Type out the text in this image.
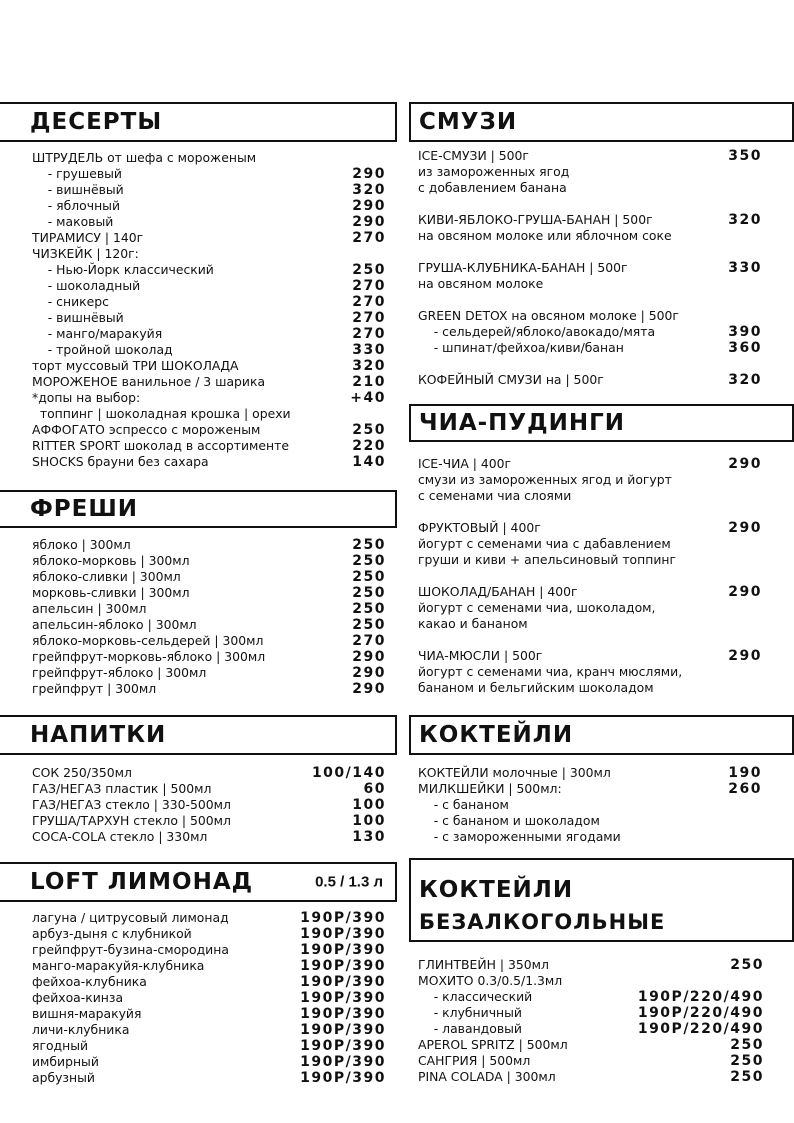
ДЕСЕРТЫ
ШТРУДЕЛЬ от шефа с мороженым
- грушевый	290
- вишнёвый	320
- яблочный	290
- маковый	290
ТИРАМИСУ | 140г	270
ЧИЗКЕЙК | 120г:
- Нью-Йорк классический	250
- шоколадный	270
- сникерс	270
- вишнёвый	270
- манго/маракуйя	270
- тройной шоколад	330
торт муссовый ТРИ ШОКОЛАДА	320
МОРОЖЕНОЕ ванильное / 3 шарика	210
*допы на выбор:	+40
топпинг | шоколадная крошка | орехи
АФФОГАТО эспрессо с мороженым	250
RITTER SPORT шоколад в ассортименте	220
SHOCKS брауни без сахара	140
ФРЕШИ
яблоко | 300мл	250
яблоко-морковь | 300мл	250
яблоко-сливки | 300мл	250
морковь-сливки | 300мл	250
апельсин | 300мл	250
апельсин-яблоко | 300мл	250
яблоко-морковь-сельдерей | 300мл	270
грейпфрут-морковь-яблоко | 300мл	290
грейпфрут-яблоко | 300мл	290
грейпфрут | 300мл	290
НАПИТКИ
СОК 250/350мл	100/140
ГАЗ/НЕГАЗ пластик | 500мл	60
ГАЗ/НЕГАЗ стекло | 330-500мл	100
ГРУША/ТАРХУН стекло | 500мл	100
COCA-COLA стекло | 330мл	130
LOFT ЛИМОНАД	0.5 / 1.3 л
лагуна / цитрусовый лимонад	190P/390
арбуз-дыня с клубникой	190P/390
грейпфрут-бузина-смородина	190P/390
манго-маракуйя-клубника	190P/390
фейхоа-клубника	190P/390
фейхоа-кинза	190P/390
вишня-маракуйя	190P/390
личи-клубника	190P/390
ягодный	190P/390
имбирный	190P/390
арбузный	190P/390
СМУЗИ
ICE-СМУЗИ | 500г	350
из замороженных ягод
с добавлением банана
КИВИ-ЯБЛОКО-ГРУША-БАНАН | 500г	320
на овсяном молоке или яблочном соке
ГРУША-КЛУБНИКА-БАНАН | 500г	330
на овсяном молоке
GREEN DETOX на овсяном молоке | 500г
- сельдерей/яблоко/авокадо/мята	390
- шпинат/фейхоа/киви/банан	360
КОФЕЙНЫЙ СМУЗИ на | 500г	320
ЧИА-ПУДИНГИ
ICE-ЧИА | 400г	290
смузи из замороженных ягод и йогурт
с семенами чиа слоями
ФРУКТОВЫЙ | 400г	290
йогурт с семенами чиа с дабавлением
груши и киви + апельсиновый топпинг
ШОКОЛАД/БАНАН | 400г	290
йогурт с семенами чиа, шоколадом,
какао и бананом
ЧИА-МЮСЛИ | 500г	290
йогурт с семенами чиа, кранч мюслями,
бананом и бельгийским шоколадом
КОКТЕЙЛИ
КОКТЕЙЛИ молочные | 300мл	190
МИЛКШЕЙКИ | 500мл:	260
- с бананом
- с бананом и шоколадом
- с замороженными ягодами
КОКТЕЙЛИ
БЕЗАЛКОГОЛЬНЫЕ
ГЛИНТВЕЙН | 350мл	250
МОХИТО 0.3/0.5/1.3мл
- классический	190P/220/490
- клубничный	190P/220/490
- лавандовый	190P/220/490
APEROL SPRITZ | 500мл	250
САНГРИЯ | 500мл	250
PINA COLADA | 300мл	250
